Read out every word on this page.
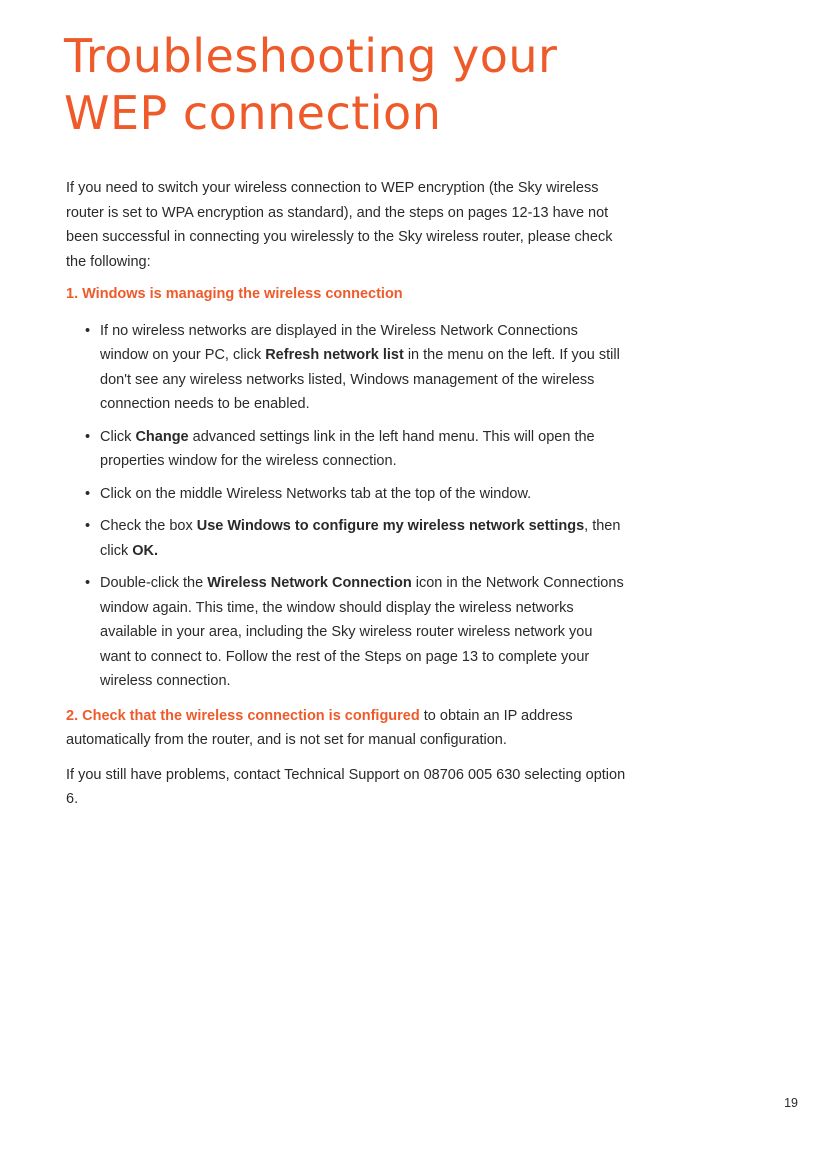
Troubleshooting your
WEP connection

If you need to switch your wireless connection to WEP encryption (the Sky wireless router is set to WPA encryption as standard), and the steps on pages 12-13 have not been successful in connecting you wirelessly to the Sky wireless router, please check the following:

1. Windows is managing the wireless connection

• If no wireless networks are displayed in the Wireless Network Connections window on your PC, click Refresh network list in the menu on the left. If you still don't see any wireless networks listed, Windows management of the wireless connection needs to be enabled.
• Click Change advanced settings link in the left hand menu. This will open the properties window for the wireless connection.
• Click on the middle Wireless Networks tab at the top of the window.
• Check the box Use Windows to configure my wireless network settings, then click OK.
• Double-click the Wireless Network Connection icon in the Network Connections window again. This time, the window should display the wireless networks available in your area, including the Sky wireless router wireless network you want to connect to. Follow the rest of the Steps on page 13 to complete your wireless connection.

2. Check that the wireless connection is configured to obtain an IP address automatically from the router, and is not set for manual configuration.

If you still have problems, contact Technical Support on 08706 005 630 selecting option 6.

19
